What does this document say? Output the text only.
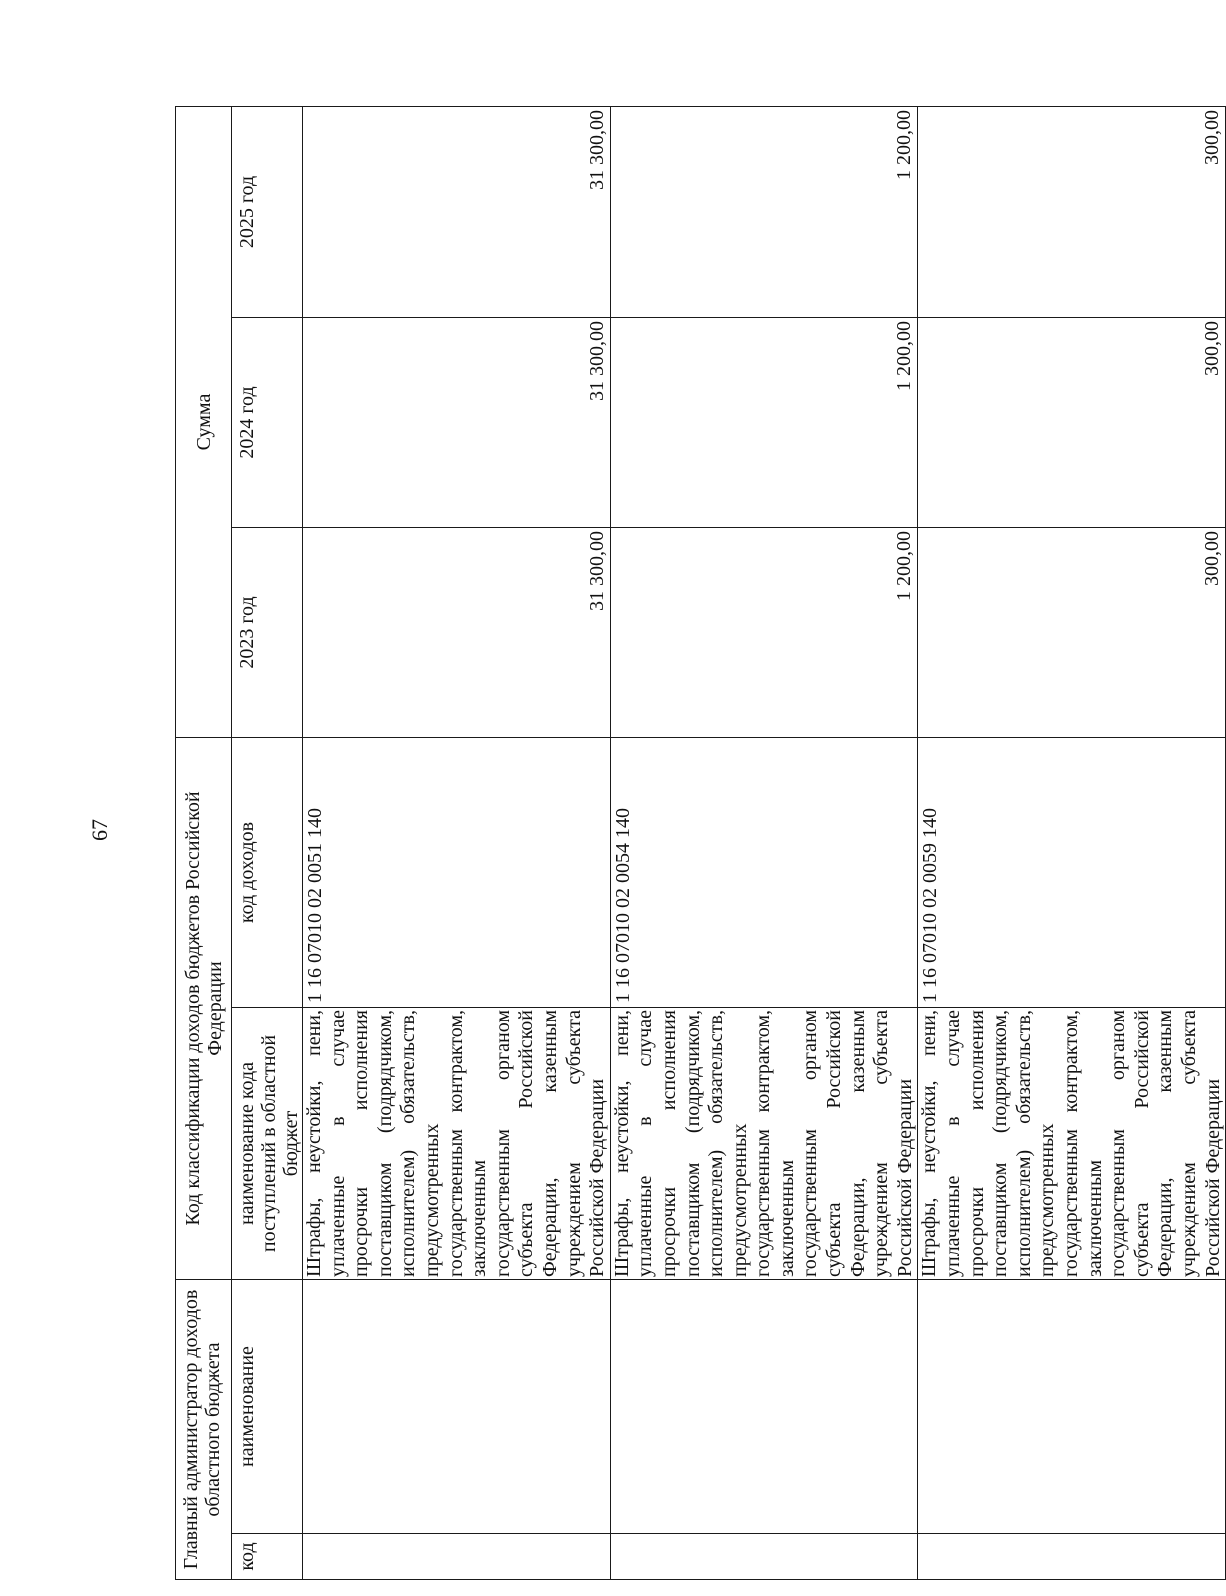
67
Главный администратор доходов областного бюджета		Код классификации доходов бюджетов Российской Федерации		Сумма		
код	наименование	наименование кода поступлений в областной бюджет	код доходов	2023 год	2024 год	2025 год
		Штрафы, неустойки, пени, уплаченные в случае просрочки исполнения поставщиком (подрядчиком, исполнителем) обязательств, предусмотренных государственным контрактом, заключенным государственным органом субъекта Российской Федерации, казенным учреждением субъекта Российской Федерации	1 16 07010 02 0051 140	31 300,00	31 300,00	31 300,00
		Штрафы, неустойки, пени, уплаченные в случае просрочки исполнения поставщиком (подрядчиком, исполнителем) обязательств, предусмотренных государственным контрактом, заключенным государственным органом субъекта Российской Федерации, казенным учреждением субъекта Российской Федерации	1 16 07010 02 0054 140	1 200,00	1 200,00	1 200,00
		Штрафы, неустойки, пени, уплаченные в случае просрочки исполнения поставщиком (подрядчиком, исполнителем) обязательств, предусмотренных государственным контрактом, заключенным государственным органом субъекта Российской Федерации, казенным учреждением субъекта Российской Федерации	1 16 07010 02 0059 140	300,00	300,00	300,00
